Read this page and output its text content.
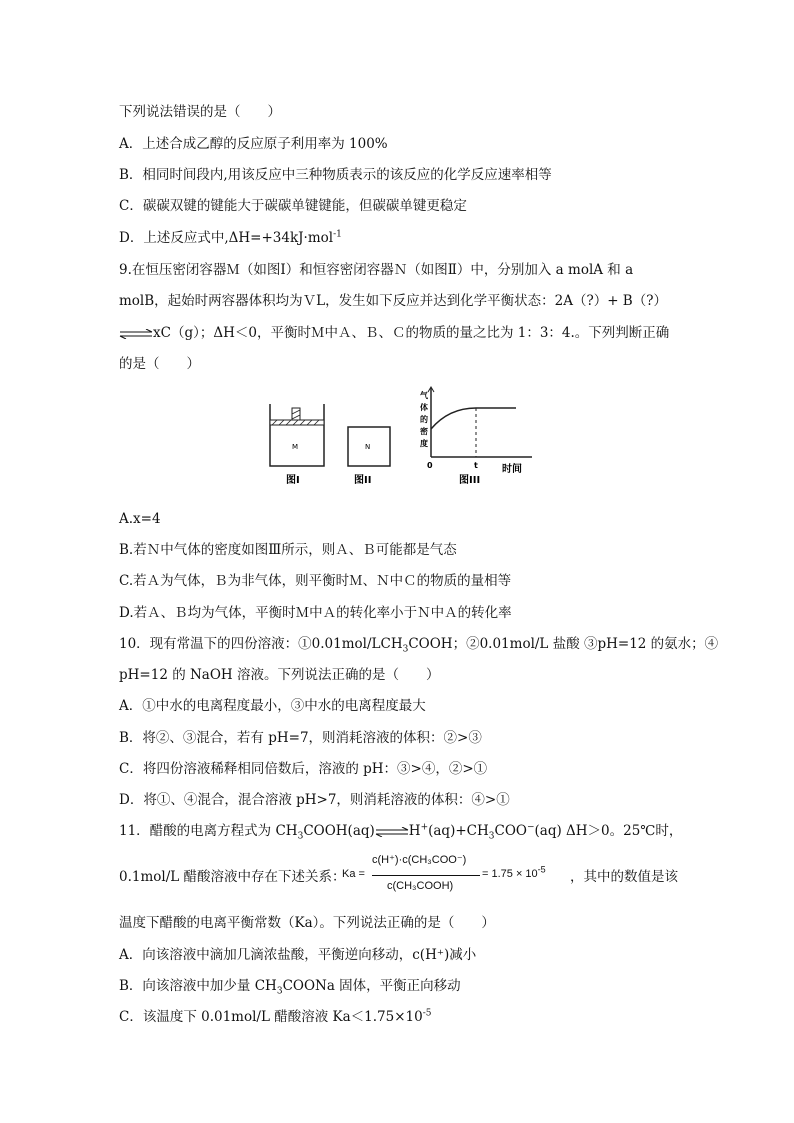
下列说法错误的是（　　）
A．上述合成乙醇的反应原子利用率为 100%
B．相同时间段内,用该反应中三种物质表示的该反应的化学反应速率相等
C．碳碳双键的键能大于碳碳单键键能，但碳碳单键更稳定
D．上述反应式中,ΔH=+34kJ·mol$^{-1}$
9.在恒压密闭容器Ｍ（如图Ⅰ）和恒容密闭容器Ｎ（如图Ⅱ）中，分别加入 a molA 和 a
molB，起始时两容器体积均为ＶL，发生如下反应并达到化学平衡状态：2A（?）+ B（?）
⇌xC（g）；ΔH＜0，平衡时Ｍ中Ａ、Ｂ、Ｃ的物质的量之比为 1：3：4.。下列判断正确
的是（　　）
M
图I
N
图II
气
体
的
密
度
0	t 时间
图III
A.x=4
B.若Ｎ中气体的密度如图Ⅲ所示，则Ａ、Ｂ可能都是气态
C.若Ａ为气体，Ｂ为非气体，则平衡时Ｍ、Ｎ中Ｃ的物质的量相等
D.若Ａ、Ｂ均为气体，平衡时Ｍ中Ａ的转化率小于Ｎ中Ａ的转化率
10．现有常温下的四份溶液：$①0.01mol/LCH_3COOH$；②0.01mol/L 盐酸 ③pH=12 的氨水；④
pH=12 的 NaOH 溶液。下列说法正确的是（　　）
A．①中水的电离程度最小，③中水的电离程度最大
B．将②、③混合，若有 pH=7，则消耗溶液的体积：②>③
C．将四份溶液稀释相同倍数后，溶液的 pH：③>④，②>①
D．将①、④混合，混合溶液 pH>7，则消耗溶液的体积：④>①
11．醋酸的电离方程式为 $CH_3COOH(aq)\rightleftharpoons H^+(aq)+CH_3COO^-(aq)$ ΔH＞0。25℃时，
0.1mol/L 醋酸溶液中存在下述关系：
Ka =
c(H⁺)·c(CH₃COO⁻)
c(CH₃COOH)
= $1.75 \times 10^{-5}$ ，其中的数值是该
温度下醋酸的电离平衡常数（Ka）。下列说法正确的是（　　）
A．向该溶液中滴加几滴浓盐酸，平衡逆向移动，c(H⁺)减小
B．向该溶液中加少量 $CH_3COONa$ 固体，平衡正向移动
C．该温度下 0.01mol/L 醋酸溶液 $Ka<1.75\times 10^{-5}$
